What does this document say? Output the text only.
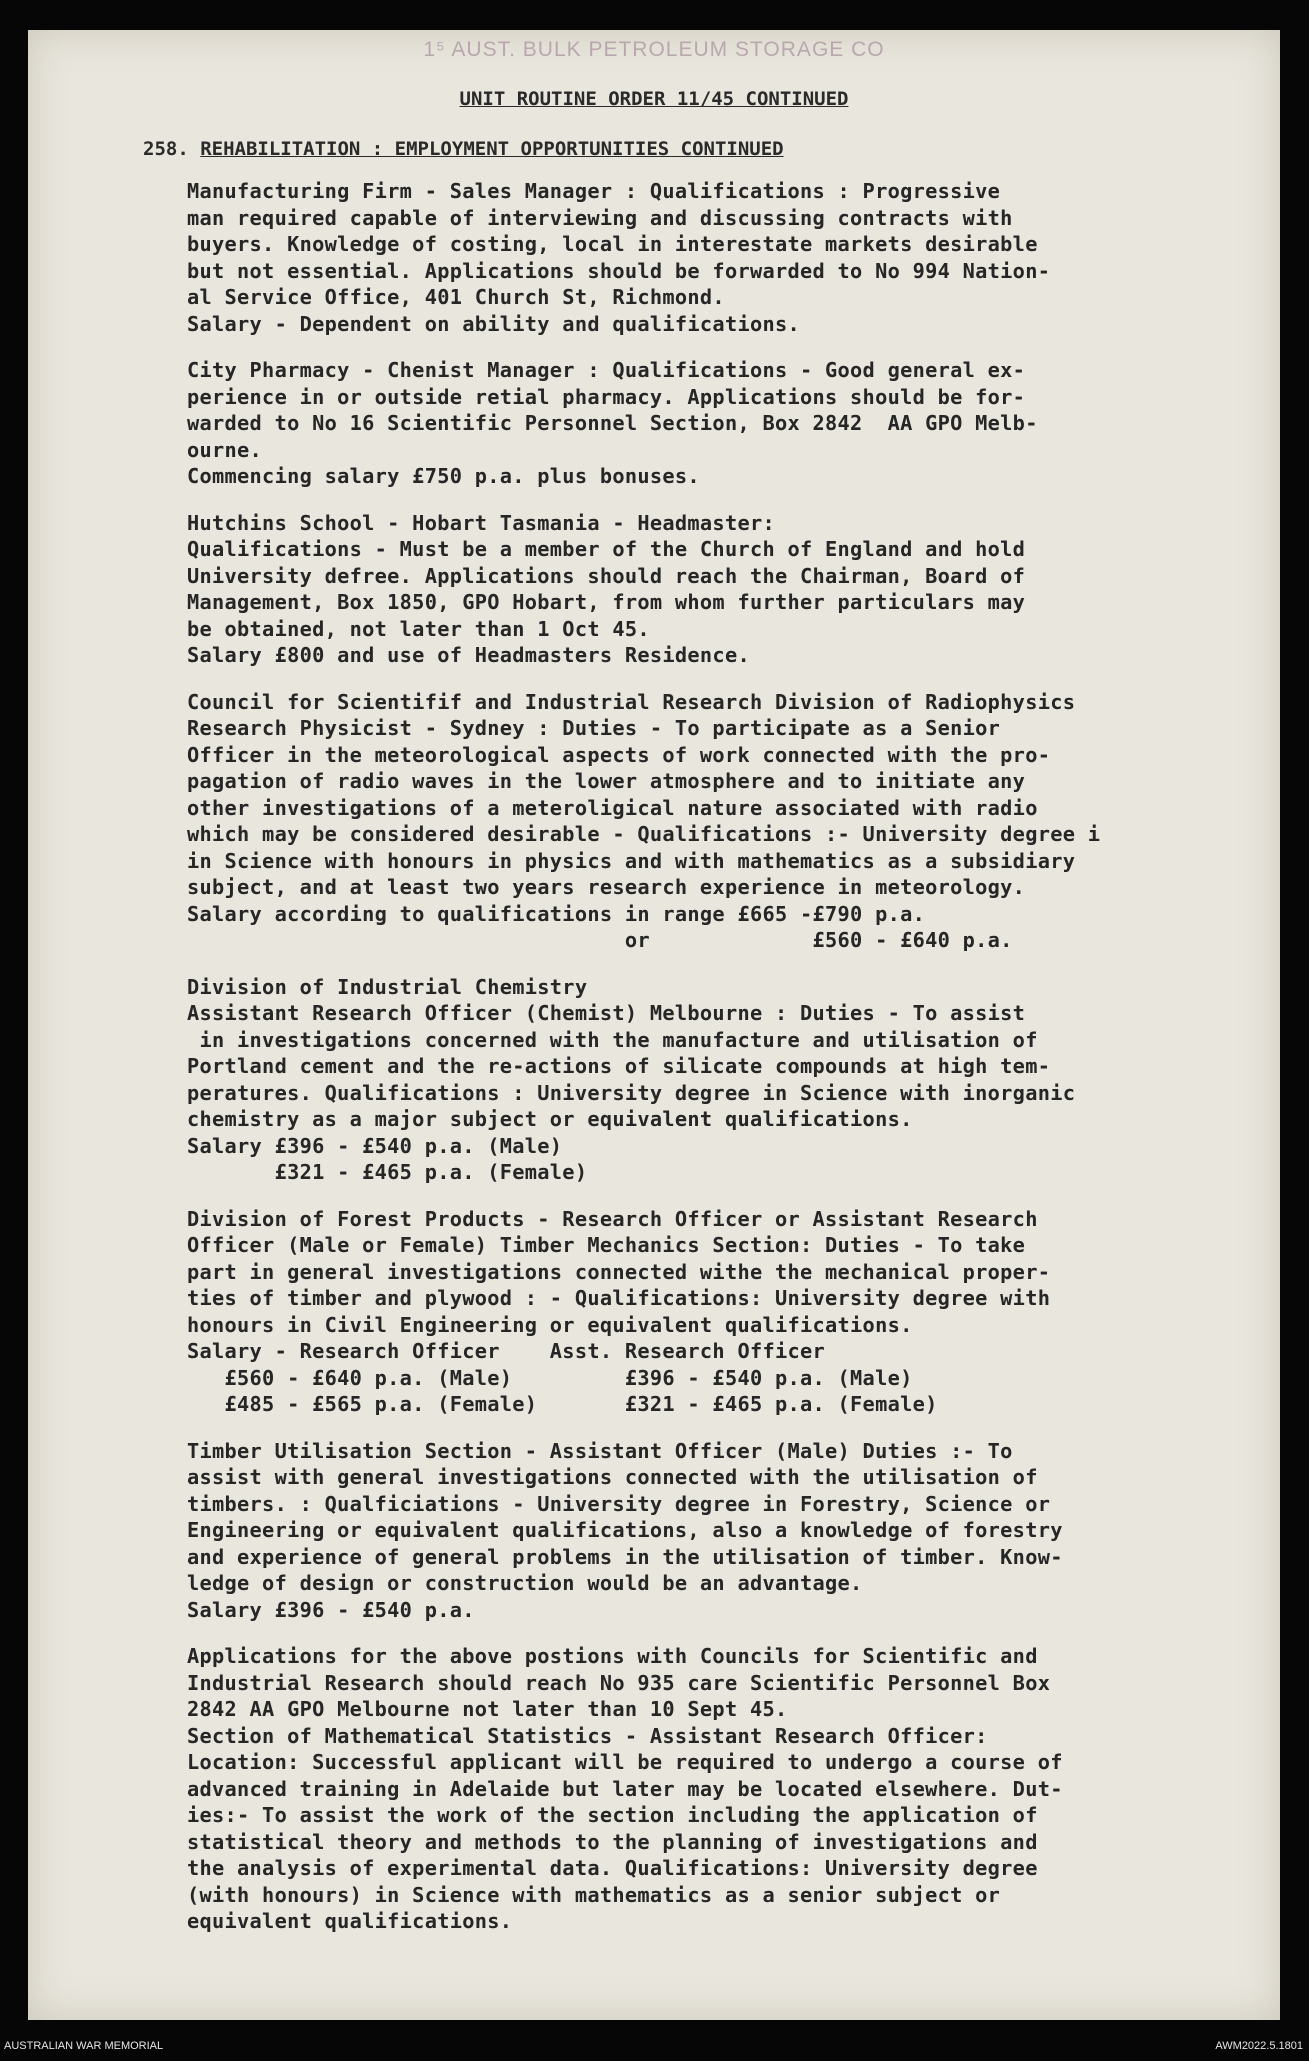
1⁵ AUST. BULK PETROLEUM STORAGE CO
UNIT ROUTINE ORDER 11/45 CONTINUED
258. REHABILITATION : EMPLOYMENT OPPORTUNITIES CONTINUED
Manufacturing Firm - Sales Manager : Qualifications : Progressive
man required capable of interviewing and discussing contracts with
buyers. Knowledge of costing, local in interestate markets desirable
but not essential. Applications should be forwarded to No 994 Nation-
al Service Office, 401 Church St, Richmond.
Salary - Dependent on ability and qualifications.
City Pharmacy - Chenist Manager : Qualifications - Good general ex-
perience in or outside retial pharmacy. Applications should be for-
warded to No 16 Scientific Personnel Section, Box 2842  AA GPO Melb-
ourne.
Commencing salary £750 p.a. plus bonuses.
Hutchins School - Hobart Tasmania - Headmaster:
Qualifications - Must be a member of the Church of England and hold
University defree. Applications should reach the Chairman, Board of
Management, Box 1850, GPO Hobart, from whom further particulars may
be obtained, not later than 1 Oct 45.
Salary £800 and use of Headmasters Residence.
Council for Scientifif and Industrial Research Division of Radiophysics
Research Physicist - Sydney : Duties - To participate as a Senior
Officer in the meteorological aspects of work connected with the pro-
pagation of radio waves in the lower atmosphere and to initiate any
other investigations of a meteroligical nature associated with radio
which may be considered desirable - Qualifications :- University degree i
in Science with honours in physics and with mathematics as a subsidiary
subject, and at least two years research experience in meteorology.
Salary according to qualifications in range £665 -£790 p.a.
or             £560 - £640 p.a.
Division of Industrial Chemistry
Assistant Research Officer (Chemist) Melbourne : Duties - To assist
in investigations concerned with the manufacture and utilisation of
Portland cement and the re-actions of silicate compounds at high tem-
peratures. Qualifications : University degree in Science with inorganic
chemistry as a major subject or equivalent qualifications.
Salary £396 - £540 p.a. (Male)
£321 - £465 p.a. (Female)
Division of Forest Products - Research Officer or Assistant Research
Officer (Male or Female) Timber Mechanics Section: Duties - To take
part in general investigations connected withe the mechanical proper-
ties of timber and plywood : - Qualifications: University degree with
honours in Civil Engineering or equivalent qualifications.
Salary - Research Officer    Asst. Research Officer
£560 - £640 p.a. (Male)         £396 - £540 p.a. (Male)
£485 - £565 p.a. (Female)       £321 - £465 p.a. (Female)
Timber Utilisation Section - Assistant Officer (Male) Duties :- To
assist with general investigations connected with the utilisation of
timbers. : Qualficiations - University degree in Forestry, Science or
Engineering or equivalent qualifications, also a knowledge of forestry
and experience of general problems in the utilisation of timber. Know-
ledge of design or construction would be an advantage.
Salary £396 - £540 p.a.
Applications for the above postions with Councils for Scientific and
Industrial Research should reach No 935 care Scientific Personnel Box
2842 AA GPO Melbourne not later than 10 Sept 45.
Section of Mathematical Statistics - Assistant Research Officer:
Location: Successful applicant will be required to undergo a course of
advanced training in Adelaide but later may be located elsewhere. Dut-
ies:- To assist the work of the section including the application of
statistical theory and methods to the planning of investigations and
the analysis of experimental data. Qualifications: University degree
(with honours) in Science with mathematics as a senior subject or
equivalent qualifications.
AUSTRALIAN WAR MEMORIAL	AWM2022.5.1801
